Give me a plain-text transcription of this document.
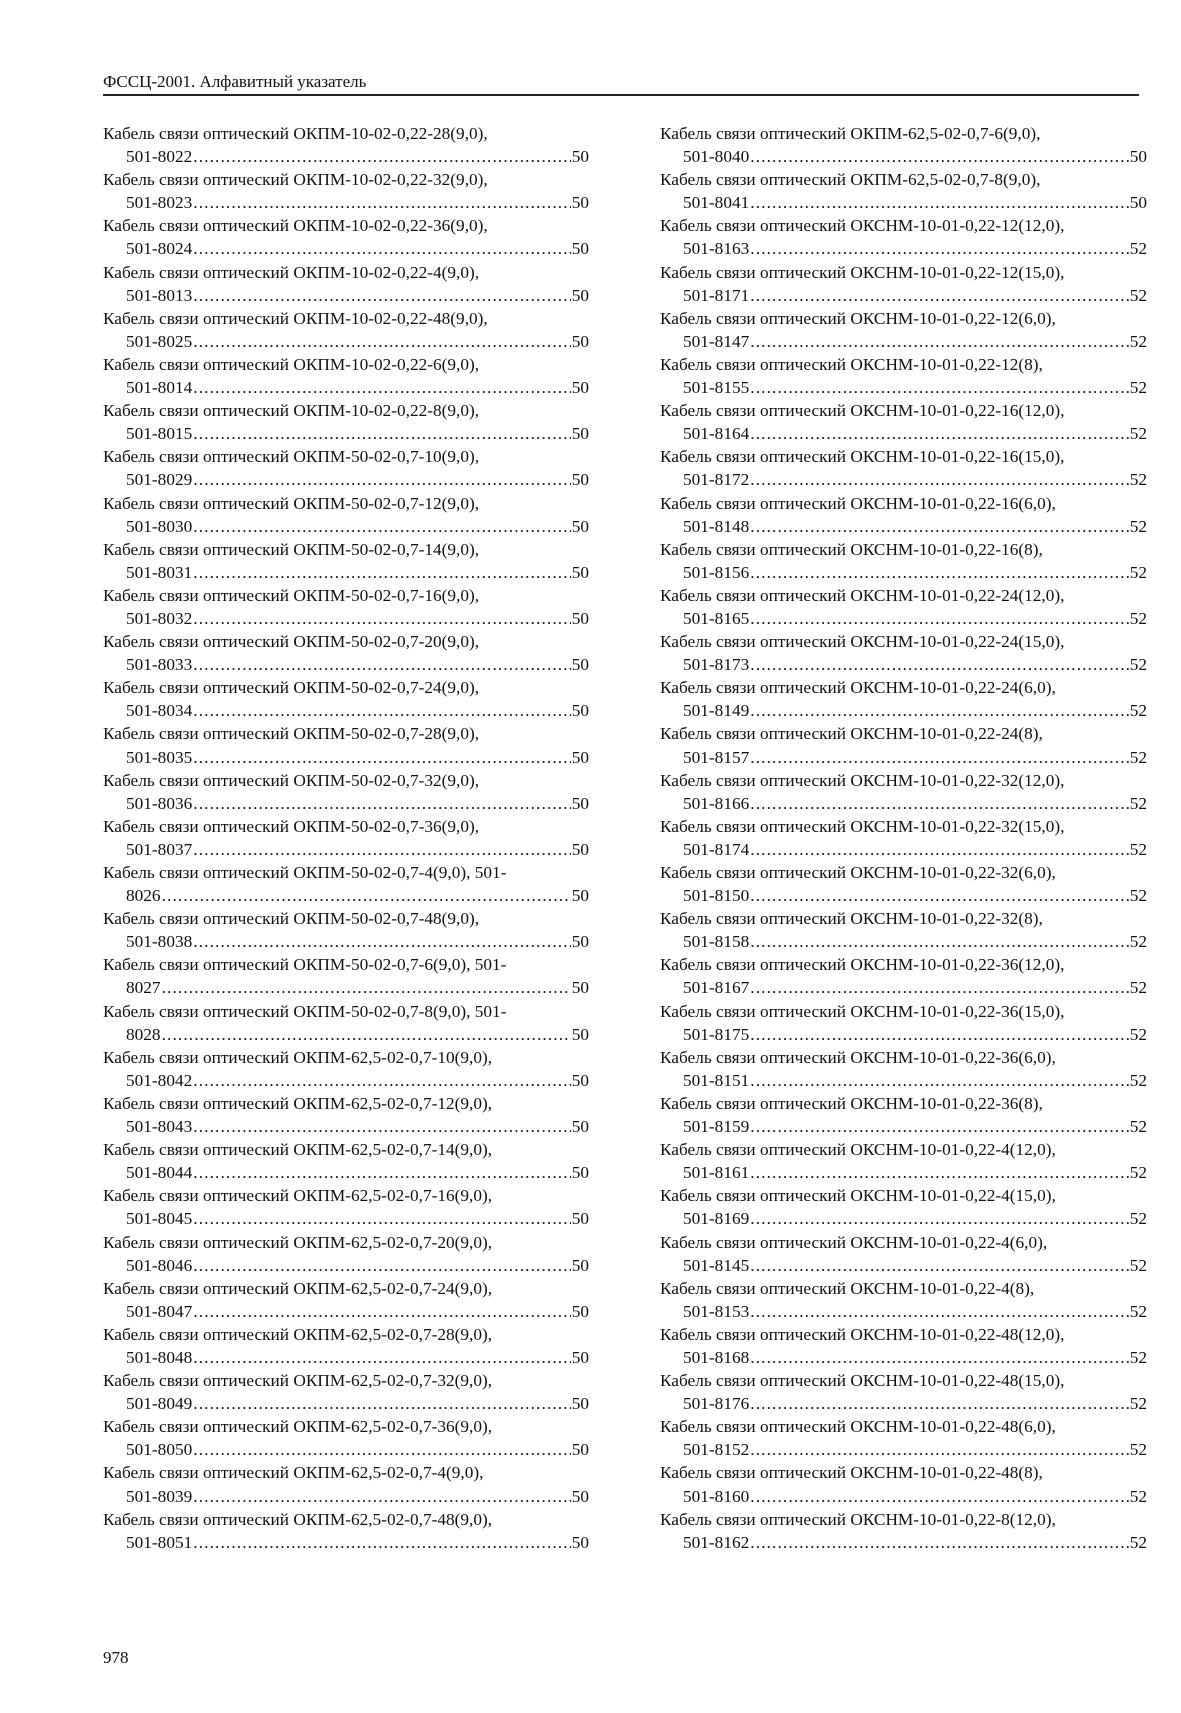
ФССЦ-2001. Алфавитный указатель
Кабель связи оптический ОКПМ-10-02-0,22-28(9,0),
501-8022 . . .	50
Кабель связи оптический ОКПМ-10-02-0,22-32(9,0),
501-8023 . . .	50
Кабель связи оптический ОКПМ-10-02-0,22-36(9,0),
501-8024 . . .	50
Кабель связи оптический ОКПМ-10-02-0,22-4(9,0),
501-8013 . . .	50
Кабель связи оптический ОКПМ-10-02-0,22-48(9,0),
501-8025 . . .	50
Кабель связи оптический ОКПМ-10-02-0,22-6(9,0),
501-8014 . . .	50
Кабель связи оптический ОКПМ-10-02-0,22-8(9,0),
501-8015 . . .	50
Кабель связи оптический ОКПМ-50-02-0,7-10(9,0),
501-8029 . . .	50
Кабель связи оптический ОКПМ-50-02-0,7-12(9,0),
501-8030 . . .	50
Кабель связи оптический ОКПМ-50-02-0,7-14(9,0),
501-8031 . . .	50
Кабель связи оптический ОКПМ-50-02-0,7-16(9,0),
501-8032 . . .	50
Кабель связи оптический ОКПМ-50-02-0,7-20(9,0),
501-8033 . . .	50
Кабель связи оптический ОКПМ-50-02-0,7-24(9,0),
501-8034 . . .	50
Кабель связи оптический ОКПМ-50-02-0,7-28(9,0),
501-8035 . . .	50
Кабель связи оптический ОКПМ-50-02-0,7-32(9,0),
501-8036 . . .	50
Кабель связи оптический ОКПМ-50-02-0,7-36(9,0),
501-8037 . . .	50
Кабель связи оптический ОКПМ-50-02-0,7-4(9,0), 501-
8026 . . .	50
Кабель связи оптический ОКПМ-50-02-0,7-48(9,0),
501-8038 . . .	50
Кабель связи оптический ОКПМ-50-02-0,7-6(9,0), 501-
8027 . . .	50
Кабель связи оптический ОКПМ-50-02-0,7-8(9,0), 501-
8028 . . .	50
Кабель связи оптический ОКПМ-62,5-02-0,7-10(9,0),
501-8042 . . .	50
Кабель связи оптический ОКПМ-62,5-02-0,7-12(9,0),
501-8043 . . .	50
Кабель связи оптический ОКПМ-62,5-02-0,7-14(9,0),
501-8044 . . .	50
Кабель связи оптический ОКПМ-62,5-02-0,7-16(9,0),
501-8045 . . .	50
Кабель связи оптический ОКПМ-62,5-02-0,7-20(9,0),
501-8046 . . .	50
Кабель связи оптический ОКПМ-62,5-02-0,7-24(9,0),
501-8047 . . .	50
Кабель связи оптический ОКПМ-62,5-02-0,7-28(9,0),
501-8048 . . .	50
Кабель связи оптический ОКПМ-62,5-02-0,7-32(9,0),
501-8049 . . .	50
Кабель связи оптический ОКПМ-62,5-02-0,7-36(9,0),
501-8050 . . .	50
Кабель связи оптический ОКПМ-62,5-02-0,7-4(9,0),
501-8039 . . .	50
Кабель связи оптический ОКПМ-62,5-02-0,7-48(9,0),
501-8051 . . .	50
Кабель связи оптический ОКПМ-62,5-02-0,7-6(9,0),
501-8040 . . .	50
Кабель связи оптический ОКПМ-62,5-02-0,7-8(9,0),
501-8041 . . .	50
Кабель связи оптический ОКСНМ-10-01-0,22-12(12,0),
501-8163 . . .	52
Кабель связи оптический ОКСНМ-10-01-0,22-12(15,0),
501-8171 . . .	52
Кабель связи оптический ОКСНМ-10-01-0,22-12(6,0),
501-8147 . . .	52
Кабель связи оптический ОКСНМ-10-01-0,22-12(8),
501-8155 . . .	52
Кабель связи оптический ОКСНМ-10-01-0,22-16(12,0),
501-8164 . . .	52
Кабель связи оптический ОКСНМ-10-01-0,22-16(15,0),
501-8172 . . .	52
Кабель связи оптический ОКСНМ-10-01-0,22-16(6,0),
501-8148 . . .	52
Кабель связи оптический ОКСНМ-10-01-0,22-16(8),
501-8156 . . .	52
Кабель связи оптический ОКСНМ-10-01-0,22-24(12,0),
501-8165 . . .	52
Кабель связи оптический ОКСНМ-10-01-0,22-24(15,0),
501-8173 . . .	52
Кабель связи оптический ОКСНМ-10-01-0,22-24(6,0),
501-8149 . . .	52
Кабель связи оптический ОКСНМ-10-01-0,22-24(8),
501-8157 . . .	52
Кабель связи оптический ОКСНМ-10-01-0,22-32(12,0),
501-8166 . . .	52
Кабель связи оптический ОКСНМ-10-01-0,22-32(15,0),
501-8174 . . .	52
Кабель связи оптический ОКСНМ-10-01-0,22-32(6,0),
501-8150 . . .	52
Кабель связи оптический ОКСНМ-10-01-0,22-32(8),
501-8158 . . .	52
Кабель связи оптический ОКСНМ-10-01-0,22-36(12,0),
501-8167 . . .	52
Кабель связи оптический ОКСНМ-10-01-0,22-36(15,0),
501-8175 . . .	52
Кабель связи оптический ОКСНМ-10-01-0,22-36(6,0),
501-8151 . . .	52
Кабель связи оптический ОКСНМ-10-01-0,22-36(8),
501-8159 . . .	52
Кабель связи оптический ОКСНМ-10-01-0,22-4(12,0),
501-8161 . . .	52
Кабель связи оптический ОКСНМ-10-01-0,22-4(15,0),
501-8169 . . .	52
Кабель связи оптический ОКСНМ-10-01-0,22-4(6,0),
501-8145 . . .	52
Кабель связи оптический ОКСНМ-10-01-0,22-4(8),
501-8153 . . .	52
Кабель связи оптический ОКСНМ-10-01-0,22-48(12,0),
501-8168 . . .	52
Кабель связи оптический ОКСНМ-10-01-0,22-48(15,0),
501-8176 . . .	52
Кабель связи оптический ОКСНМ-10-01-0,22-48(6,0),
501-8152 . . .	52
Кабель связи оптический ОКСНМ-10-01-0,22-48(8),
501-8160 . . .	52
Кабель связи оптический ОКСНМ-10-01-0,22-8(12,0),
501-8162 . . .	52
978
